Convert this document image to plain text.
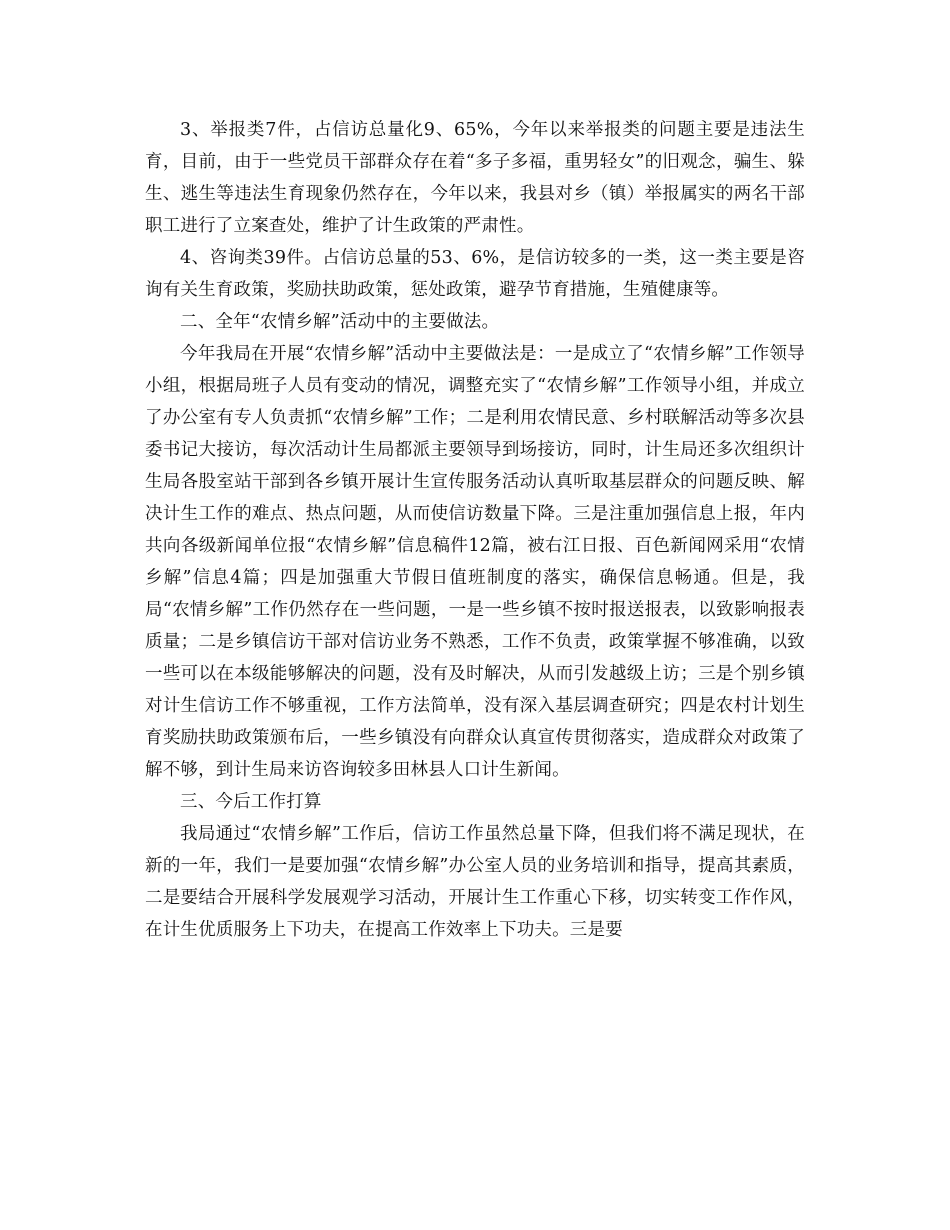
3、举报类7件，占信访总量化9、65%，今年以来举报类的问题主要是违法生育，目前，由于一些党员干部群众存在着“多子多福，重男轻女”的旧观念，骗生、躲生、逃生等违法生育现象仍然存在，今年以来，我县对乡（镇）举报属实的两名干部职工进行了立案查处，维护了计生政策的严肃性。

4、咨询类39件。占信访总量的53、6%，是信访较多的一类，这一类主要是咨询有关生育政策，奖励扶助政策，惩处政策，避孕节育措施，生殖健康等。

二、全年“农情乡解”活动中的主要做法。

今年我局在开展“农情乡解”活动中主要做法是：一是成立了“农情乡解”工作领导小组，根据局班子人员有变动的情况，调整充实了“农情乡解”工作领导小组，并成立了办公室有专人负责抓“农情乡解”工作；二是利用农情民意、乡村联解活动等多次县委书记大接访，每次活动计生局都派主要领导到场接访，同时，计生局还多次组织计生局各股室站干部到各乡镇开展计生宣传服务活动认真听取基层群众的问题反映、解决计生工作的难点、热点问题，从而使信访数量下降。三是注重加强信息上报，年内共向各级新闻单位报“农情乡解”信息稿件12篇，被右江日报、百色新闻网采用“农情乡解”信息4篇；四是加强重大节假日值班制度的落实，确保信息畅通。但是，我局“农情乡解”工作仍然存在一些问题，一是一些乡镇不按时报送报表，以致影响报表质量；二是乡镇信访干部对信访业务不熟悉，工作不负责，政策掌握不够准确，以致一些可以在本级能够解决的问题，没有及时解决，从而引发越级上访；三是个别乡镇对计生信访工作不够重视，工作方法简单，没有深入基层调查研究；四是农村计划生育奖励扶助政策颁布后，一些乡镇没有向群众认真宣传贯彻落实，造成群众对政策了解不够，到计生局来访咨询较多田林县人口计生新闻。

三、今后工作打算

我局通过“农情乡解”工作后，信访工作虽然总量下降，但我们将不满足现状，在新的一年，我们一是要加强“农情乡解”办公室人员的业务培训和指导，提高其素质，二是要结合开展科学发展观学习活动，开展计生工作重心下移，切实转变工作作风，在计生优质服务上下功夫，在提高工作效率上下功夫。三是要
